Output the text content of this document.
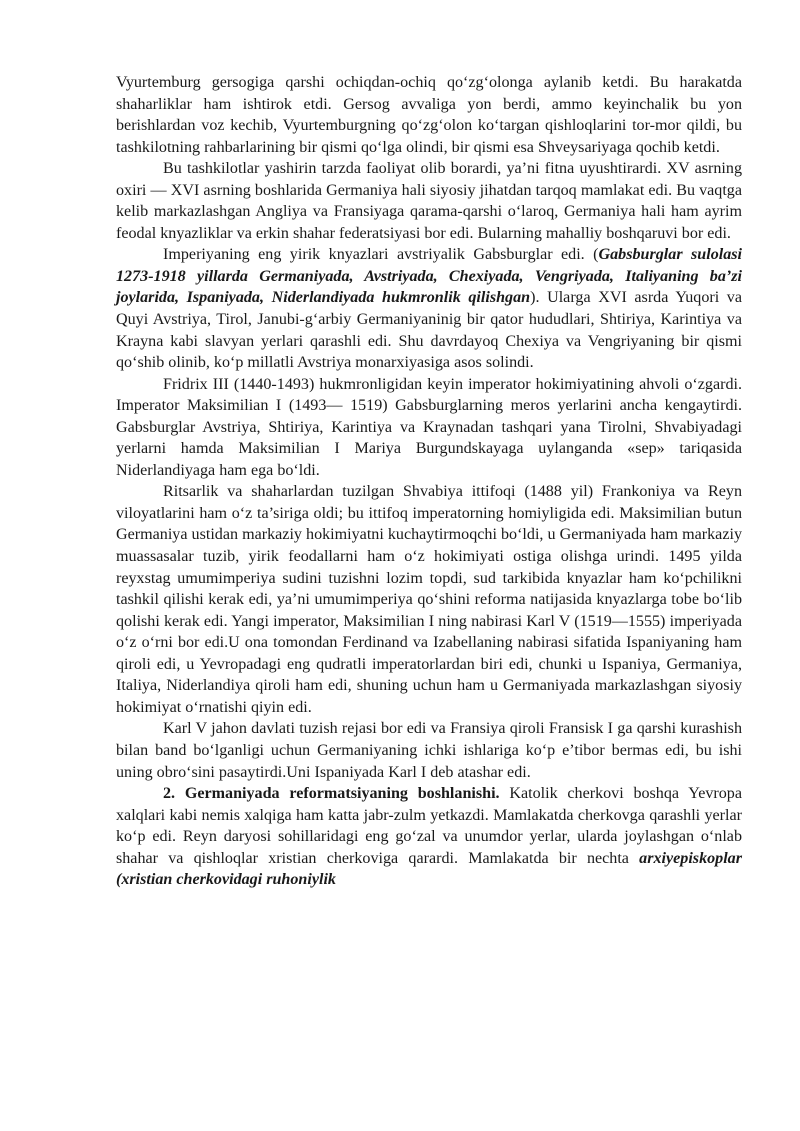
Vyurtemburg gersogiga qarshi ochiqdan-ochiq qo‘zg‘olonga aylanib ketdi. Bu harakatda shaharliklar ham ishtirok etdi. Gersog avvaliga yon berdi, ammo keyinchalik bu yon berishlardan voz kechib, Vyurtemburgning qo‘zg‘olon ko‘targan qishloqlarini tor-mor qildi, bu tashkilotning rahbarlarining bir qismi qo‘lga olindi, bir qismi esa Shveysariyaga qochib ketdi.

Bu tashkilotlar yashirin tarzda faoliyat olib borardi, ya’ni fitna uyushtirardi. XV asrning oxiri — XVI asrning boshlarida Germaniya hali siyosiy jihatdan tarqoq mamlakat edi. Bu vaqtga kelib markazlashgan Angliya va Fransiyaga qarama-qarshi o‘laroq, Germaniya hali ham ayrim feodal knyazliklar va erkin shahar federatsiyasi bor edi. Bularning mahalliy boshqaruvi bor edi.

Imperiyaning eng yirik knyazlari avstriyalik Gabsburglar edi. (Gabsburglar sulolasi 1273-1918 yillarda Germaniyada, Avstriyada, Chexiyada, Vengriyada, Italiyaning ba’zi joylarida, Ispaniyada, Niderlandiyada hukmronlik qilishgan). Ularga XVI asrda Yuqori va Quyi Avstriya, Tirol, Janubi-g‘arbiy Germaniyaninig bir qator hududlari, Shtiriya, Karintiya va Krayna kabi slavyan yerlari qarashli edi. Shu davrdayoq Chexiya va Vengriyaning bir qismi qo‘shib olinib, ko‘p millatli Avstriya monarxiyasiga asos solindi.

Fridrix III (1440-1493) hukmronligidan keyin imperator hokimiyatining ahvoli o‘zgardi. Imperator Maksimilian I (1493— 1519) Gabsburglarning meros yerlarini ancha kengaytirdi. Gabsburglar Avstriya, Shtiriya, Karintiya va Kraynadan tashqari yana Tirolni, Shvabiyadagi yerlarni hamda Maksimilian I Mariya Burgundskayaga uylanganda «sep» tariqasida Niderlandiyaga ham ega bo‘ldi.

Ritsarlik va shaharlardan tuzilgan Shvabiya ittifoqi (1488 yil) Frankoniya va Reyn viloyatlarini ham o‘z ta’siriga oldi; bu ittifoq imperatorning homiyligida edi. Maksimilian butun Germaniya ustidan markaziy hokimiyatni kuchaytirmoqchi bo‘ldi, u Germaniyada ham markaziy muassasalar tuzib, yirik feodallarni ham o‘z hokimiyati ostiga olishga urindi. 1495 yilda reyxstag umumimperiya sudini tuzishni lozim topdi, sud tarkibida knyazlar ham ko‘pchilikni tashkil qilishi kerak edi, ya’ni umumimperiya qo‘shini reforma natijasida knyazlarga tobe bo‘lib qolishi kerak edi. Yangi imperator, Maksimilian I ning nabirasi Karl V (1519—1555) imperiyada o‘z o‘rni bor edi.U ona tomondan Ferdinand va Izabellaning nabirasi sifatida Ispaniyaning ham qiroli edi, u Yevropadagi eng qudratli imperatorlardan biri edi, chunki u Ispaniya, Germaniya, Italiya, Niderlandiya qiroli ham edi, shuning uchun ham u Germaniyada markazlashgan siyosiy hokimiyat o‘rnatishi qiyin edi.

Karl V jahon davlati tuzish rejasi bor edi va Fransiya qiroli Fransisk I ga qarshi kurashish bilan band bo‘lganligi uchun Germaniyaning ichki ishlariga ko‘p e’tibor bermas edi, bu ishi uning obro‘sini pasaytirdi.Uni Ispaniyada Karl I deb atashar edi.

2. Germaniyada reformatsiyaning boshlanishi. Katolik cherkovi boshqa Yevropa xalqlari kabi nemis xalqiga ham katta jabr-zulm yetkazdi. Mamlakatda cherkovga qarashli yerlar ko‘p edi. Reyn daryosi sohillaridagi eng go‘zal va unumdor yerlar, ularda joylashgan o‘nlab shahar va qishloqlar xristian cherkoviga qarardi. Mamlakatda bir nechta arxiyepiskoplar (xristian cherkovidagi ruhoniylik
